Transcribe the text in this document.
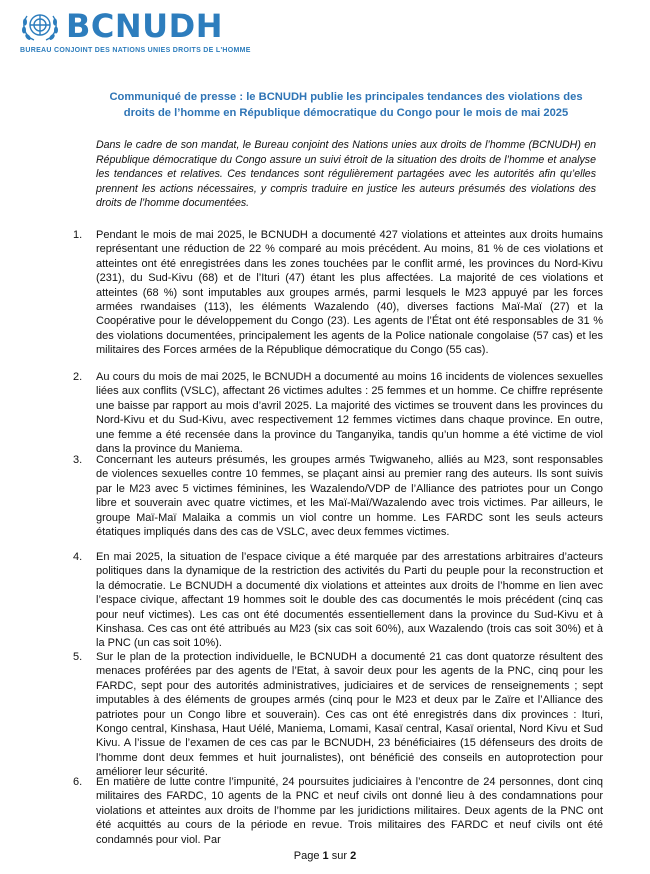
BCNUDH
BUREAU CONJOINT DES NATIONS UNIES DROITS DE L'HOMME
Communiqué de presse : le BCNUDH publie les principales tendances des violations des droits de l’homme en République démocratique du Congo pour le mois de mai 2025
Dans le cadre de son mandat, le Bureau conjoint des Nations unies aux droits de l’homme (BCNUDH) en République démocratique du Congo assure un suivi étroit de la situation des droits de l’homme et analyse les tendances et relatives. Ces tendances sont régulièrement partagées avec les autorités afin qu’elles prennent les actions nécessaires, y compris traduire en justice les auteurs présumés des violations des droits de l’homme documentées.
1. Pendant le mois de mai 2025, le BCNUDH a documenté 427 violations et atteintes aux droits humains représentant une réduction de 22 % comparé au mois précédent. Au moins, 81 % de ces violations et atteintes ont été enregistrées dans les zones touchées par le conflit armé, les provinces du Nord-Kivu (231), du Sud-Kivu (68) et de l’Ituri (47) étant les plus affectées. La majorité de ces violations et atteintes (68 %) sont imputables aux groupes armés, parmi lesquels le M23 appuyé par les forces armées rwandaises (113), les éléments Wazalendo (40), diverses factions Maï-Maï (27) et la Coopérative pour le développement du Congo (23). Les agents de l’État ont été responsables de 31 % des violations documentées, principalement les agents de la Police nationale congolaise (57 cas) et les militaires des Forces armées de la République démocratique du Congo (55 cas).
2. Au cours du mois de mai 2025, le BCNUDH a documenté au moins 16 incidents de violences sexuelles liées aux conflits (VSLC), affectant 26 victimes adultes : 25 femmes et un homme. Ce chiffre représente une baisse par rapport au mois d’avril 2025. La majorité des victimes se trouvent dans les provinces du Nord-Kivu et du Sud-Kivu, avec respectivement 12 femmes victimes dans chaque province. En outre, une femme a été recensée dans la province du Tanganyika, tandis qu’un homme a été victime de viol dans la province du Maniema.
3. Concernant les auteurs présumés, les groupes armés Twigwaneho, alliés au M23, sont responsables de violences sexuelles contre 10 femmes, se plaçant ainsi au premier rang des auteurs. Ils sont suivis par le M23 avec 5 victimes féminines, les Wazalendo/VDP de l’Alliance des patriotes pour un Congo libre et souverain avec quatre victimes, et les Maï-Maï/Wazalendo avec trois victimes. Par ailleurs, le groupe Maï-Maï Malaika a commis un viol contre un homme. Les FARDC sont les seuls acteurs étatiques impliqués dans des cas de VSLC, avec deux femmes victimes.
4. En mai 2025, la situation de l’espace civique a été marquée par des arrestations arbitraires d’acteurs politiques dans la dynamique de la restriction des activités du Parti du peuple pour la reconstruction et la démocratie. Le BCNUDH a documenté dix violations et atteintes aux droits de l’homme en lien avec l’espace civique, affectant 19 hommes soit le double des cas documentés le mois précédent (cinq cas pour neuf victimes). Les cas ont été documentés essentiellement dans la province du Sud-Kivu et à Kinshasa. Ces cas ont été attribués au M23 (six cas soit 60%), aux Wazalendo (trois cas soit 30%) et à la PNC (un cas soit 10%).
5. Sur le plan de la protection individuelle, le BCNUDH a documenté 21 cas dont quatorze résultent des menaces proférées par des agents de l’Etat, à savoir deux pour les agents de la PNC, cinq pour les FARDC, sept pour des autorités administratives, judiciaires et de services de renseignements ; sept imputables à des éléments de groupes armés (cinq pour le M23 et deux par le Zaïre et l’Alliance des patriotes pour un Congo libre et souverain). Ces cas ont été enregistrés dans dix provinces : Ituri, Kongo central, Kinshasa, Haut Uélé, Maniema, Lomami, Kasaï central, Kasaï oriental, Nord Kivu et Sud Kivu. A l’issue de l’examen de ces cas par le BCNUDH, 23 bénéficiaires (15 défenseurs des droits de l’homme dont deux femmes et huit journalistes), ont bénéficié des conseils en autoprotection pour améliorer leur sécurité.
6. En matière de lutte contre l’impunité, 24 poursuites judiciaires à l’encontre de 24 personnes, dont cinq militaires des FARDC, 10 agents de la PNC et neuf civils ont donné lieu à des condamnations pour violations et atteintes aux droits de l’homme par les juridictions militaires. Deux agents de la PNC ont été acquittés au cours de la période en revue. Trois militaires des FARDC et neuf civils ont été condamnés pour viol. Par
Page 1 sur 2
